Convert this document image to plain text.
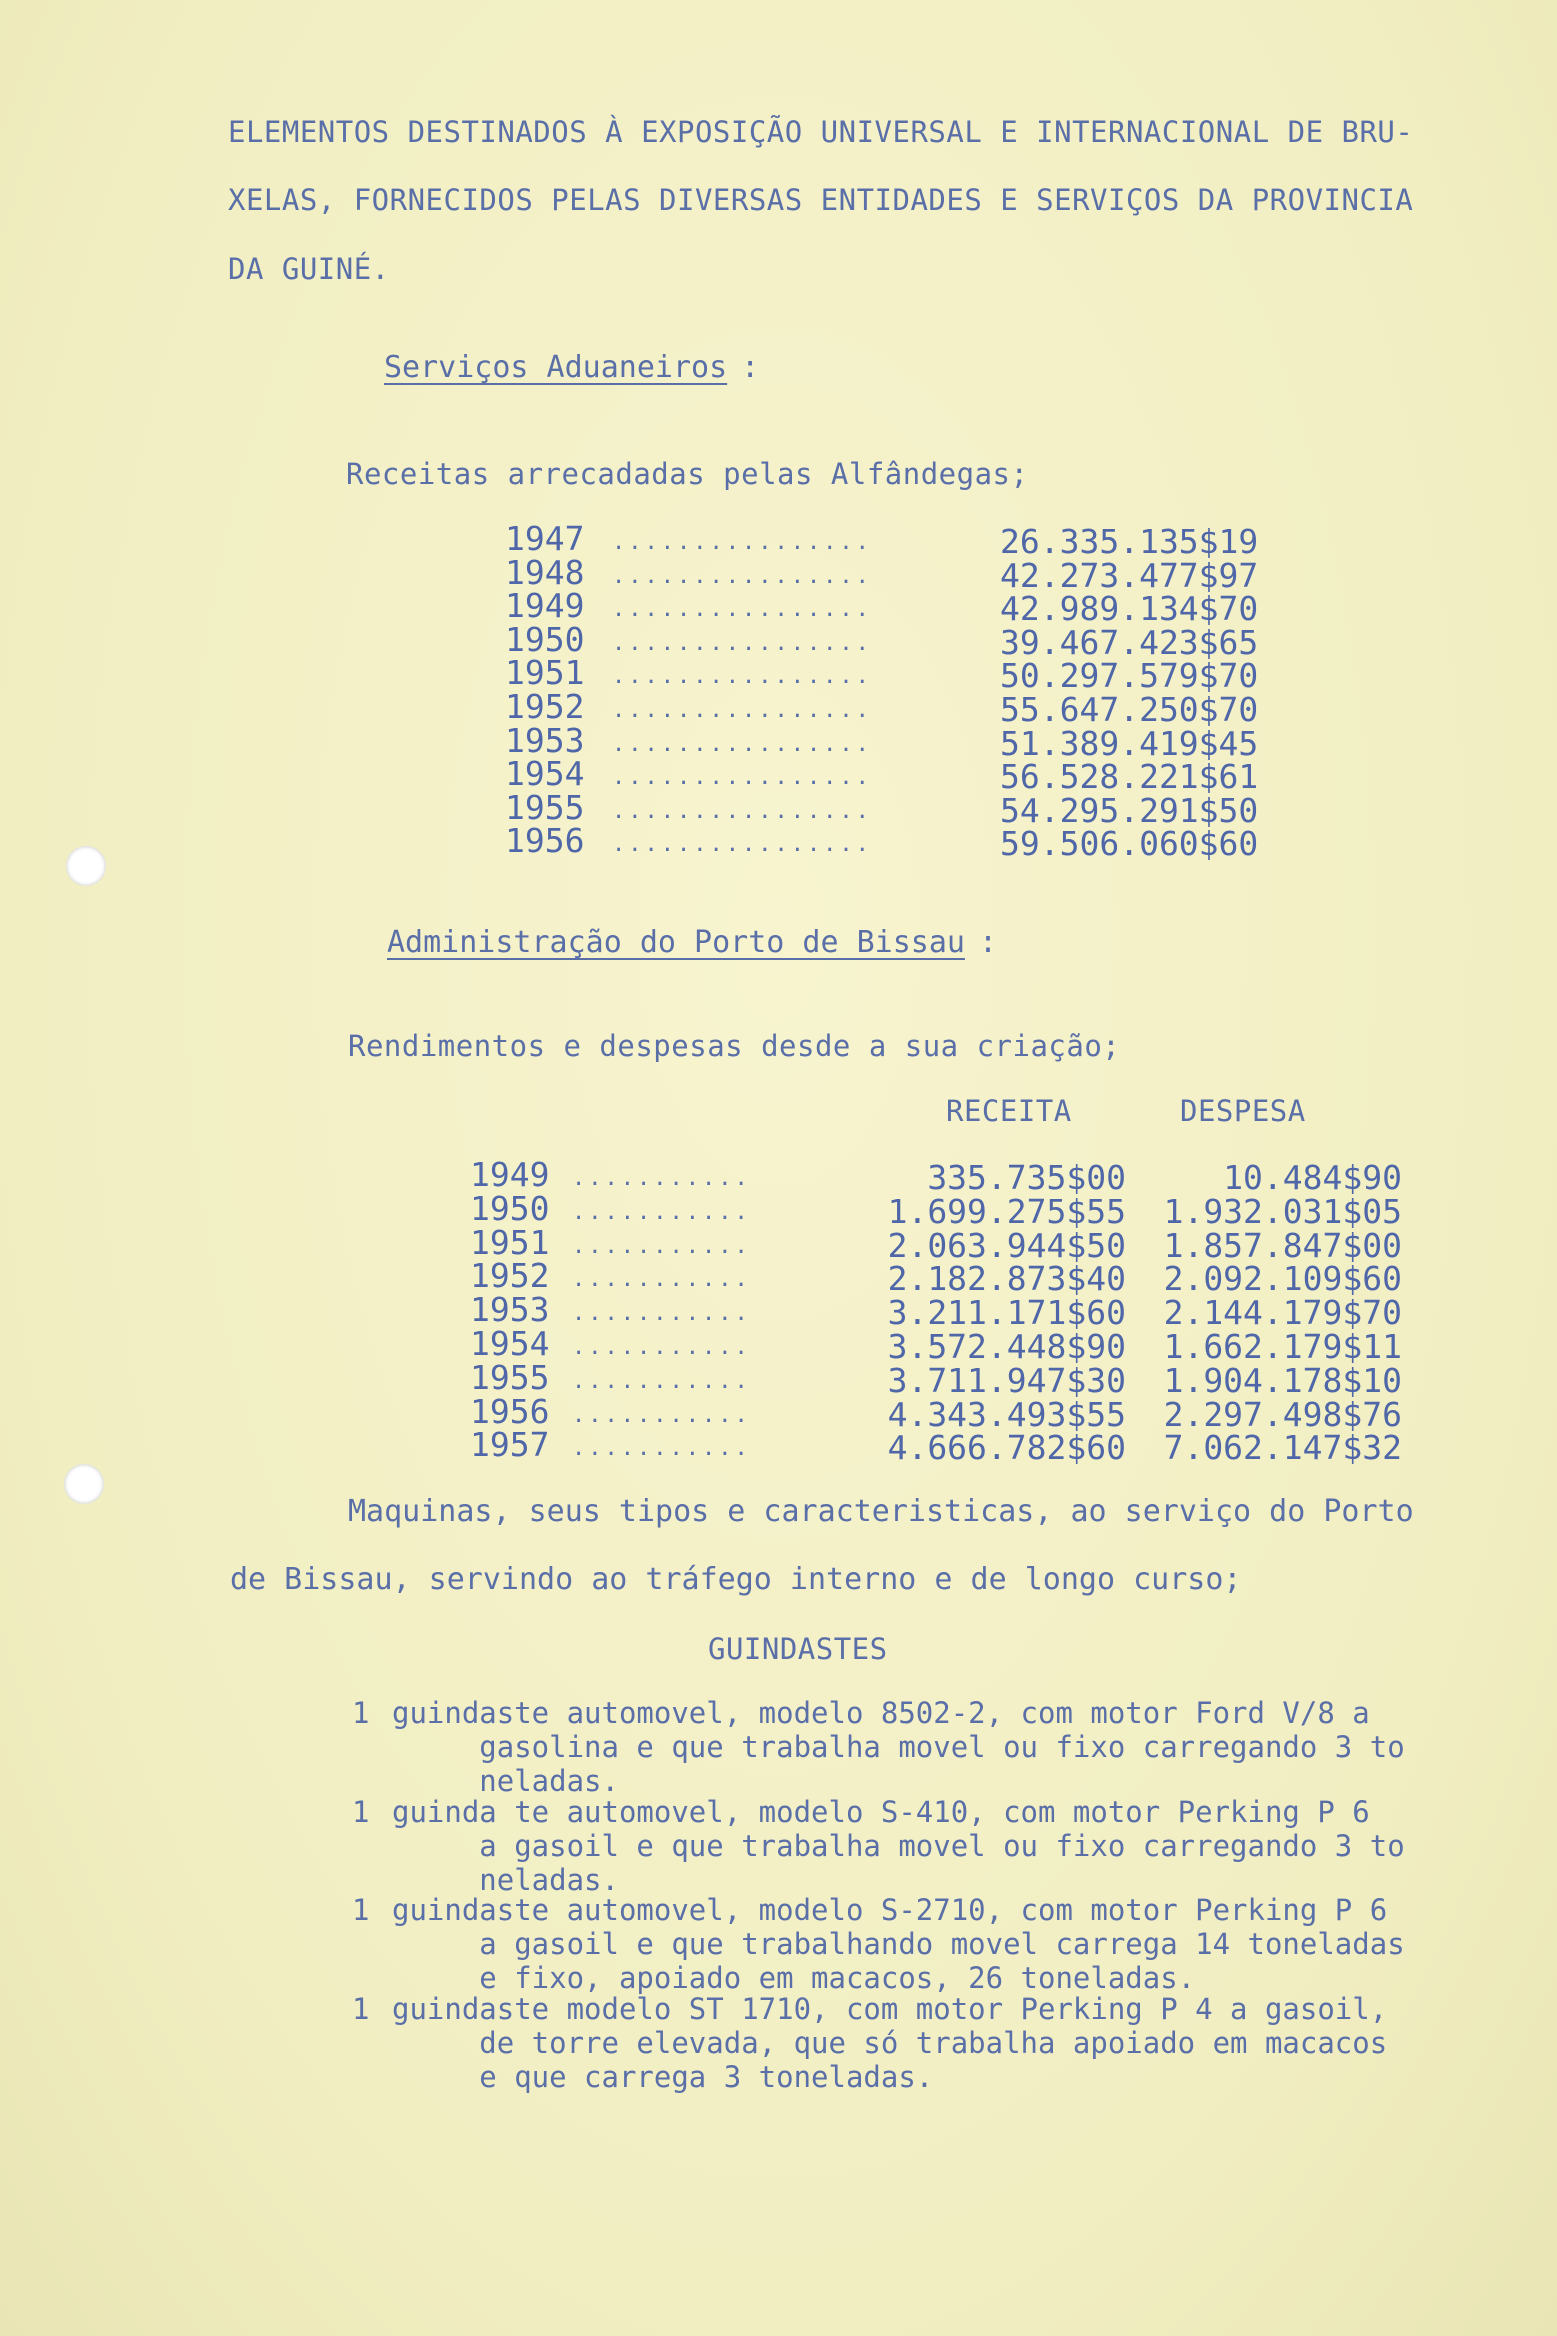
ELEMENTOS DESTINADOS À EXPOSIÇÃO UNIVERSAL E INTERNACIONAL DE BRU-
XELAS, FORNECIDOS PELAS DIVERSAS ENTIDADES E SERVIÇOS DA PROVINCIA
DA GUINÉ.
Serviços Aduaneiros :
Receitas arrecadadas pelas Alfândegas;
1947 ................	26.335.135$19
1948 ................	42.273.477$97
1949 ................	42.989.134$70
1950 ................	39.467.423$65
1951 ................	50.297.579$70
1952 ................	55.647.250$70
1953 ................	51.389.419$45
1954 ................	56.528.221$61
1955 ................	54.295.291$50
1956 ................	59.506.060$60
Administração do Porto de Bissau :
Rendimentos e despesas desde a sua criação;
RECEITA	DESPESA
1949 ...........	335.735$00	10.484$90
1950 ...........	1.699.275$55 1.932.031$05
1951 ...........	2.063.944$50 1.857.847$00
1952 ...........	2.182.873$40 2.092.109$60
1953 ...........	3.211.171$60 2.144.179$70
1954 ...........	3.572.448$90 1.662.179$11
1955 ...........	3.711.947$30 1.904.178$10
1956 ...........	4.343.493$55 2.297.498$76
1957 ...........	4.666.782$60 7.062.147$32
Maquinas, seus tipos e caracteristicas, ao serviço do Porto
de Bissau, servindo ao tráfego interno e de longo curso;
GUINDASTES
1 guindaste automovel, modelo 8502-2, com motor Ford V/8 a
gasolina e que trabalha movel ou fixo carregando 3 to
neladas.
1 guinda te automovel, modelo S-410, com motor Perking P 6
a gasoil e que trabalha movel ou fixo carregando 3 to
neladas.
1 guindaste automovel, modelo S-2710, com motor Perking P 6
a gasoil e que trabalhando movel carrega 14 toneladas
e fixo, apoiado em macacos, 26 toneladas.
1 guindaste modelo ST 1710, com motor Perking P 4 a gasoil,
de torre elevada, que só trabalha apoiado em macacos
e que carrega 3 toneladas.
